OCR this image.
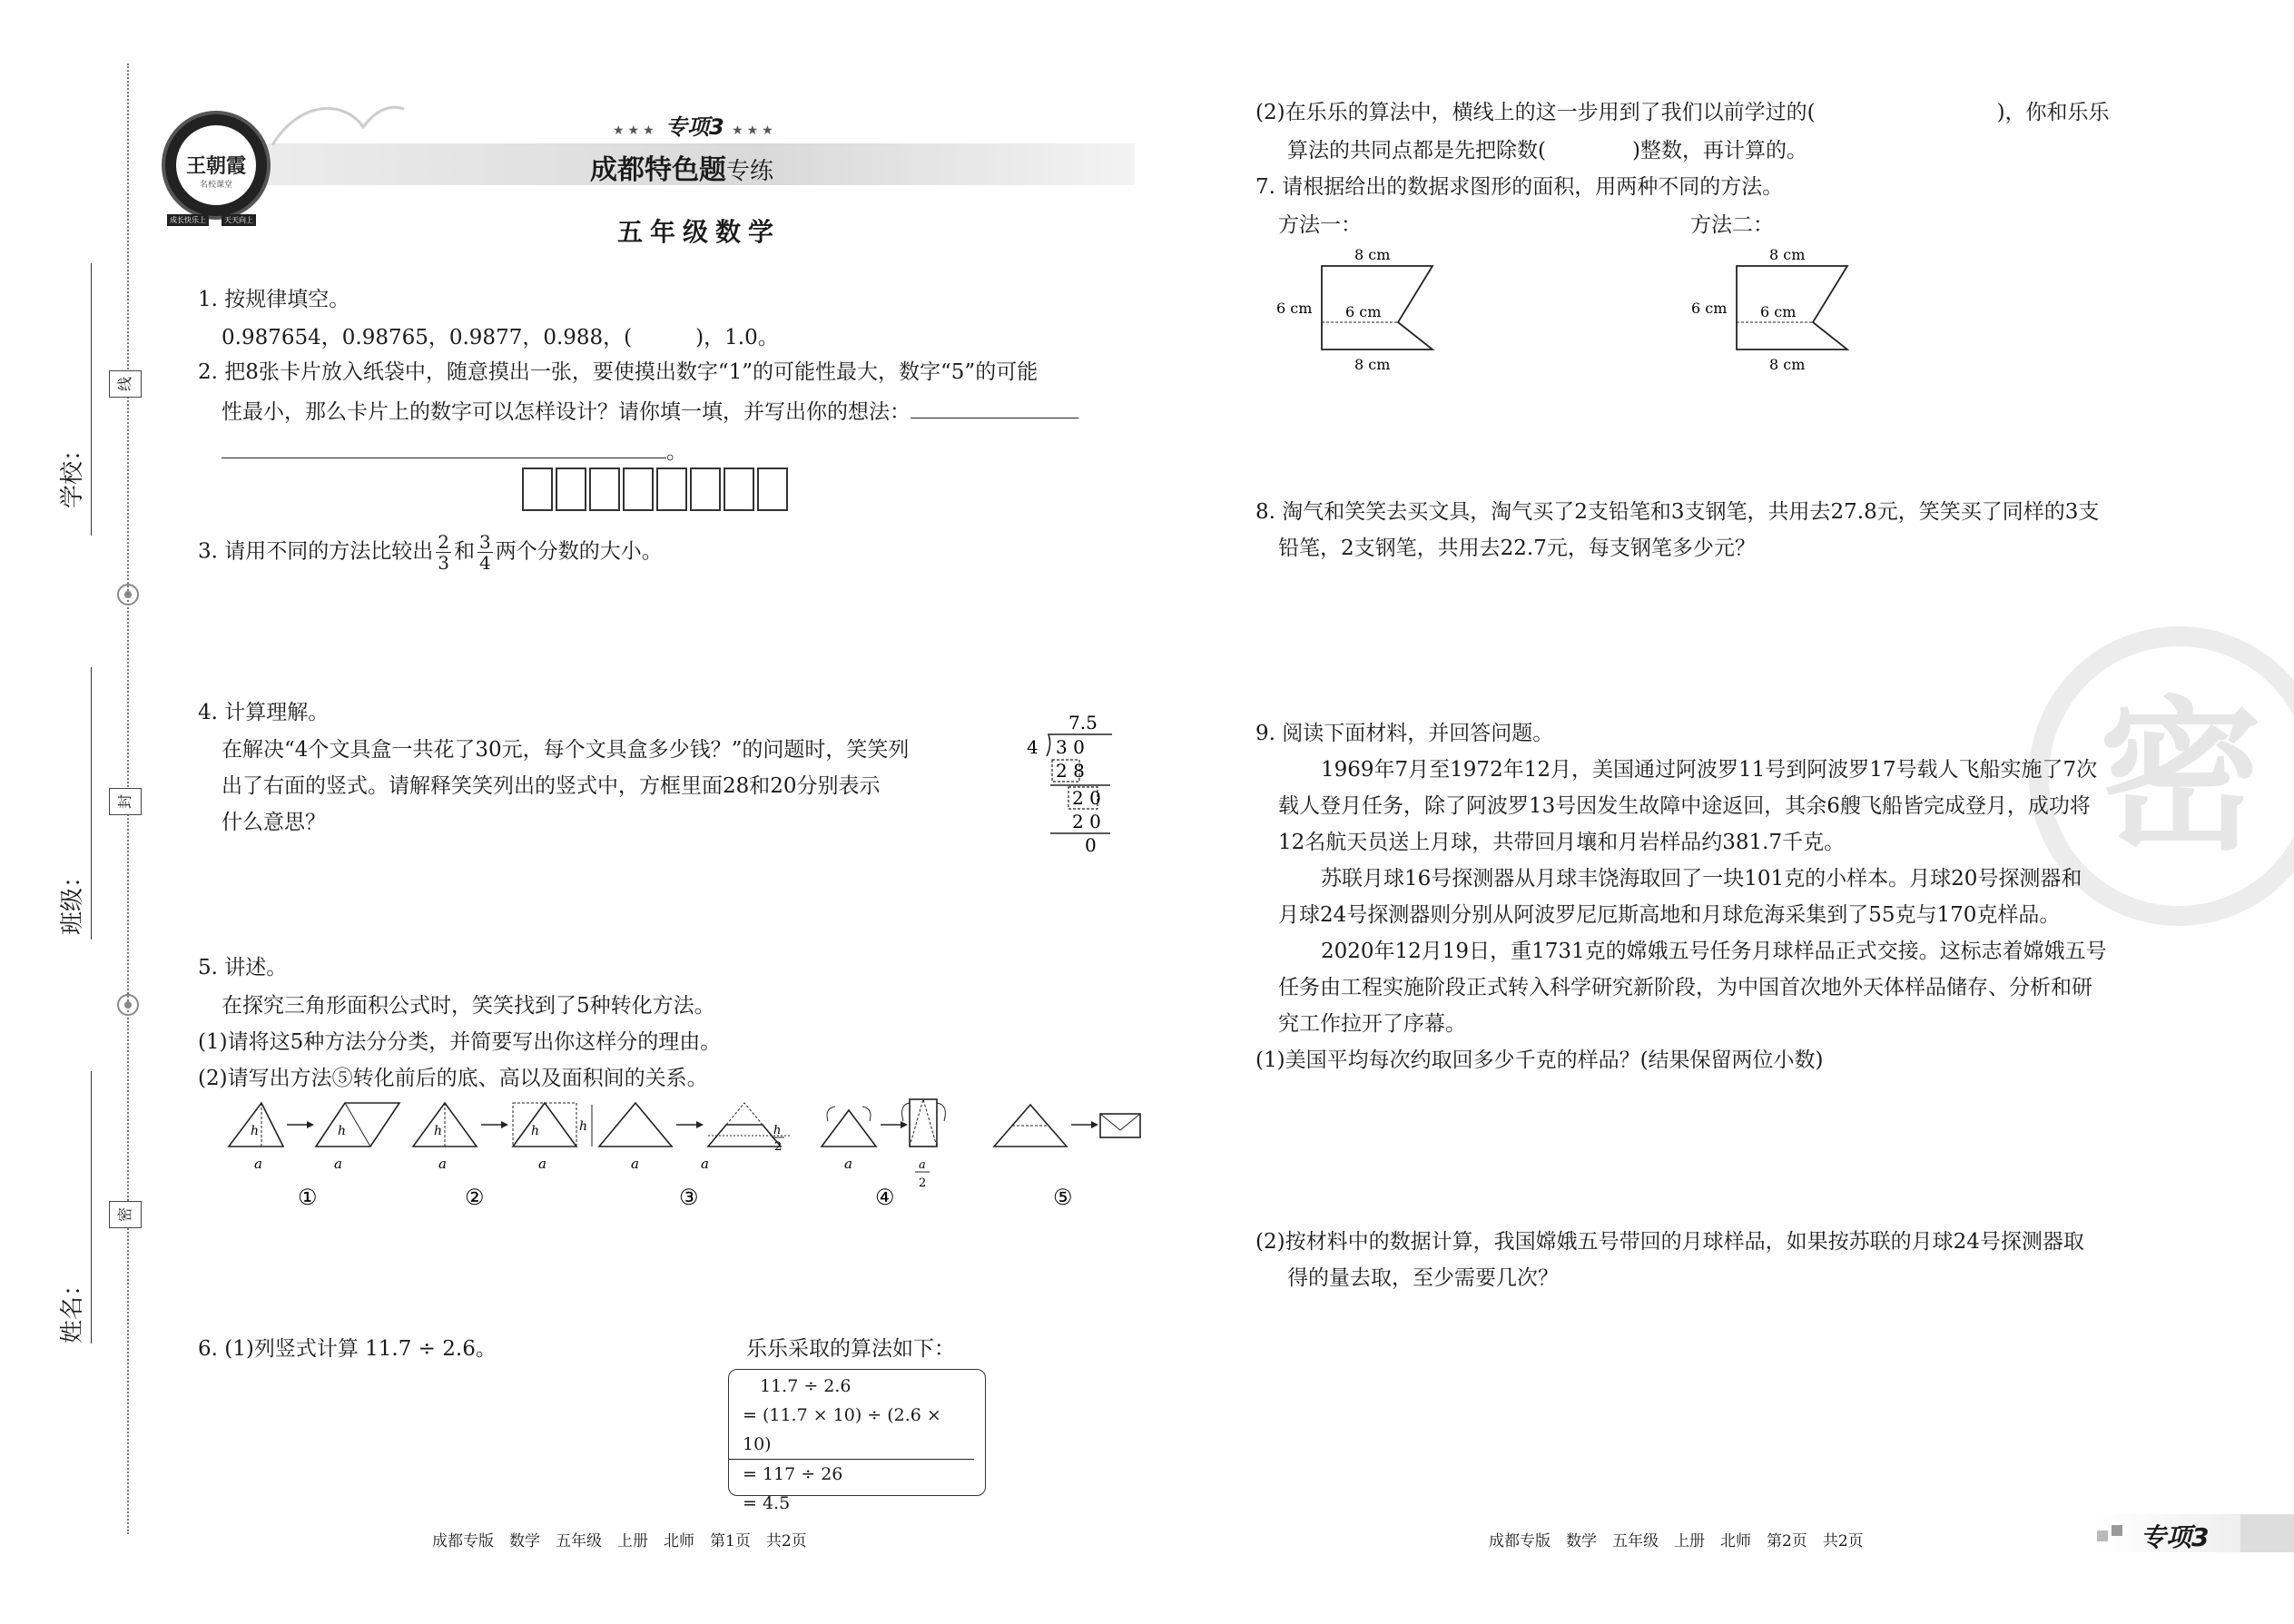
学校：
班级：
姓名：
线
封
密
王朝霞
名校课堂
成长快乐上	天天向上
★★★ 专项3 ★★★
成都特色题专练
五年级数学
1. 按规律填空。
0.987654，0.98765，0.9877，0.988，(	)，1.0。
2. 把8张卡片放入纸袋中，随意摸出一张，要使摸出数字“1”的可能性最大，数字“5”的可能
性最小，那么卡片上的数字可以怎样设计？请你填一填，并写出你的想法：
。
3. 请用不同的方法比较出 $\frac{2}{3}$ 和 $\frac{3}{4}$ 两个分数的大小。
4. 计算理解。
在解决“4个文具盒一共花了30元，每个文具盒多少钱？”的问题时，笑笑列
出了右面的竖式。请解释笑笑列出的竖式中，方框里面28和20分别表示
什么意思？
7.5
4 3 0
2 8
2 0
2 0
0
5. 讲述。
在探究三角形面积公式时，笑笑找到了5种转化方法。
(1)请将这5种方法分分类，并简要写出你这样分的理由。
(2)请写出方法⑤转化前后的底、高以及面积间的关系。
h
a
h
a
h
a
h
a
h
a	a
h
2
a	a
2
①	②	③	④	⑤
6. (1)列竖式计算 11.7 ÷ 2.6。	乐乐采取的算法如下：
11.7 ÷ 2.6
= (11.7 × 10) ÷ (2.6 × 10)
= 117 ÷ 26
= 4.5
成都专版　数学　五年级　上册　北师　第1页　共2页
(2)在乐乐的算法中，横线上的这一步用到了我们以前学过的(	)，你和乐乐
算法的共同点都是先把除数(	)整数，再计算的。
7. 请根据给出的数据求图形的面积，用两种不同的方法。
方法一：	方法二：
8 cm
6 cm 6 cm
8 cm
8 cm
6 cm 6 cm
8 cm
8. 淘气和笑笑去买文具，淘气买了2支铅笔和3支钢笔，共用去27.8元，笑笑买了同样的3支
铅笔，2支钢笔，共用去22.7元，每支钢笔多少元？
密
9. 阅读下面材料，并回答问题。
1969年7月至1972年12月，美国通过阿波罗11号到阿波罗17号载人飞船实施了7次
载人登月任务，除了阿波罗13号因发生故障中途返回，其余6艘飞船皆完成登月，成功将
12名航天员送上月球，共带回月壤和月岩样品约381.7千克。
苏联月球16号探测器从月球丰饶海取回了一块101克的小样本。月球20号探测器和
月球24号探测器则分别从阿波罗尼厄斯高地和月球危海采集到了55克与170克样品。
2020年12月19日，重1731克的嫦娥五号任务月球样品正式交接。这标志着嫦娥五号
任务由工程实施阶段正式转入科学研究新阶段，为中国首次地外天体样品储存、分析和研
究工作拉开了序幕。
(1)美国平均每次约取回多少千克的样品？(结果保留两位小数)
(2)按材料中的数据计算，我国嫦娥五号带回的月球样品，如果按苏联的月球24号探测器取
得的量去取，至少需要几次？
成都专版　数学　五年级　上册　北师　第2页　共2页	专项3
